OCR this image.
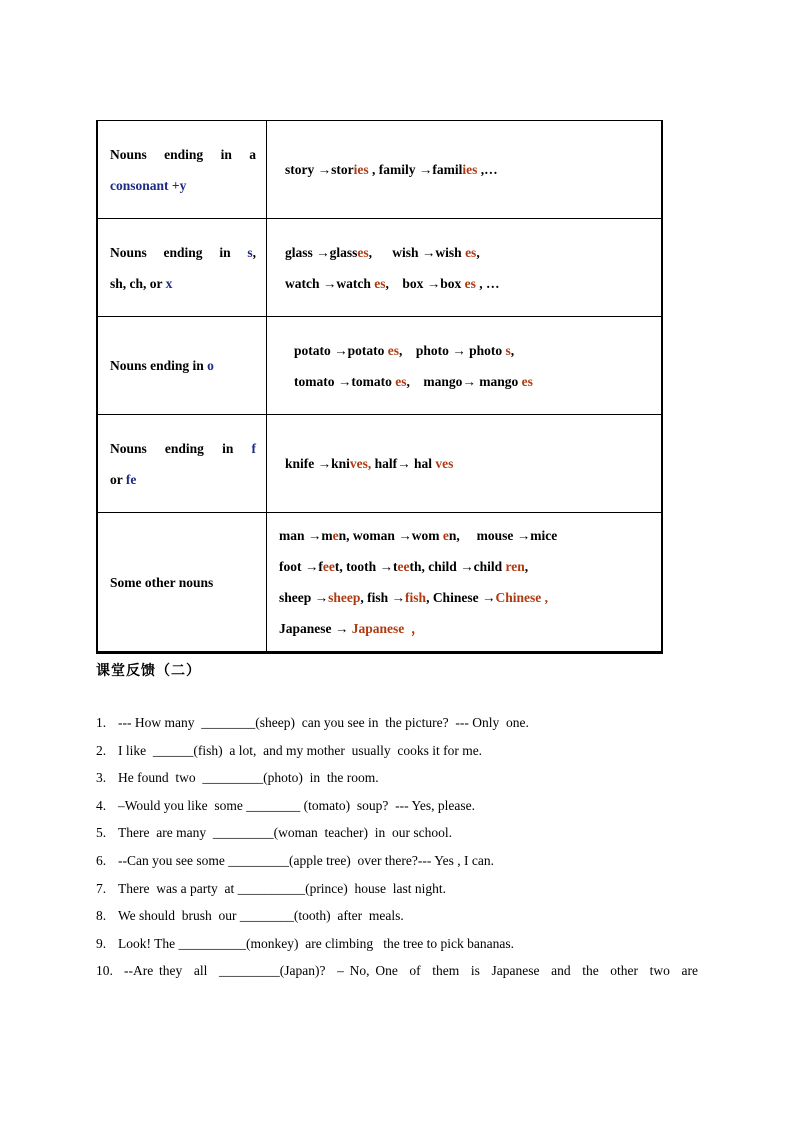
Nouns ending in a
consonant +y	story →stories , family →families ,…

Nouns ending in s,
sh, ch, or x	glass →glasses,      wish →wish es,
watch →watch es,    box →box es , …

Nouns ending in o	potato →potato es,    photo → photo s,
tomato →tomato es,    mango→ mango es

Nouns ending in f
or fe	knife →knives, half→ hal ves

Some other nouns	man →men, woman →wom en,     mouse →mice
foot →feet, tooth →teeth, child →child ren,
sheep →sheep, fish →fish, Chinese →Chinese ,
Japanese → Japanese  ，
课堂反馈（二）
1. --- How many  ________(sheep)  can you see in  the picture?  --- Only  one.
2. I like  ______(fish)  a lot,  and my mother  usually  cooks it for me.
3. He found  two  _________(photo)  in  the room.
4. –Would you like  some ________ (tomato)  soup?  --- Yes, please.
5. There  are many  _________(woman  teacher)  in  our school.
6. --Can you see some _________(apple tree)  over there?--- Yes , I can.
7. There  was a party  at __________(prince)  house  last night.
8. We should  brush  our ________(tooth)  after  meals.
9. Look! The __________(monkey)  are climbing   the tree to pick bananas.
10. --Are they  all  _________(Japan)?  – No, One  of  them  is  Japanese  and  the  other  two  are
